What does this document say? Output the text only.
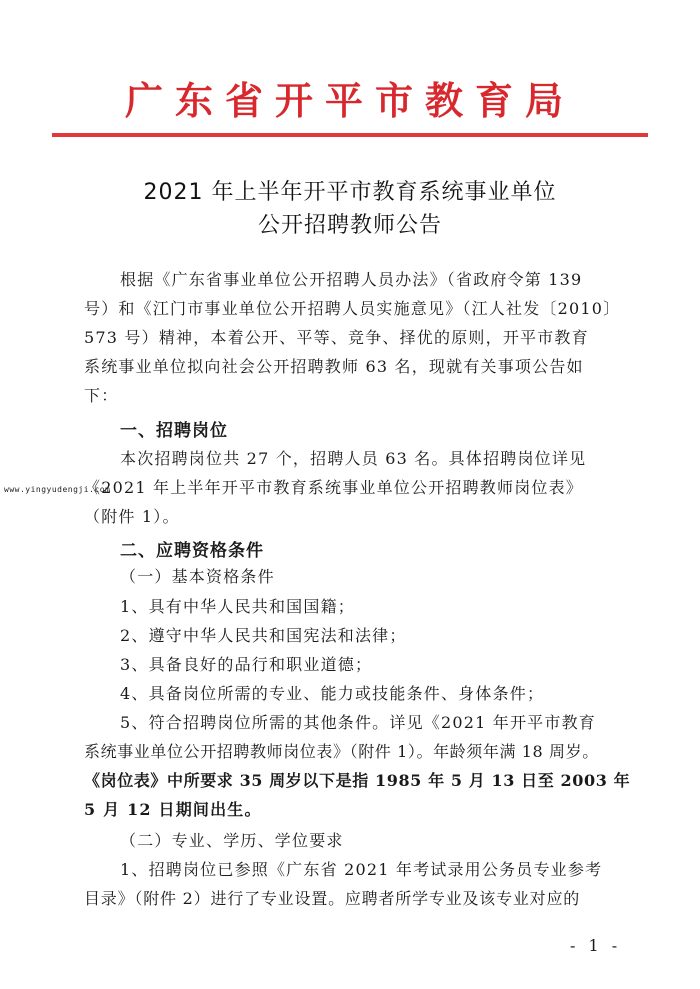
广东省开平市教育局
2021 年上半年开平市教育系统事业单位
公开招聘教师公告
根据《广东省事业单位公开招聘人员办法》（省政府令第 139
号）和《江门市事业单位公开招聘人员实施意见》（江人社发〔2010〕
573 号）精神，本着公开、平等、竞争、择优的原则，开平市教育
系统事业单位拟向社会公开招聘教师 63 名，现就有关事项公告如
下：
一、招聘岗位
本次招聘岗位共 27 个，招聘人员 63 名。具体招聘岗位详见
www.yingyudengji.com
《2021 年上半年开平市教育系统事业单位公开招聘教师岗位表》
（附件 1）。
二、应聘资格条件
（一）基本资格条件
1、具有中华人民共和国国籍；
2、遵守中华人民共和国宪法和法律；
3、具备良好的品行和职业道德；
4、具备岗位所需的专业、能力或技能条件、身体条件；
5、符合招聘岗位所需的其他条件。详见《2021 年开平市教育
系统事业单位公开招聘教师岗位表》（附件 1）。年龄须年满 18 周岁。
《岗位表》中所要求 35 周岁以下是指 1985 年 5 月 13 日至 2003 年
5 月 12 日期间出生。
（二）专业、学历、学位要求
1、招聘岗位已参照《广东省 2021 年考试录用公务员专业参考
目录》（附件 2）进行了专业设置。应聘者所学专业及该专业对应的
- 1 -
